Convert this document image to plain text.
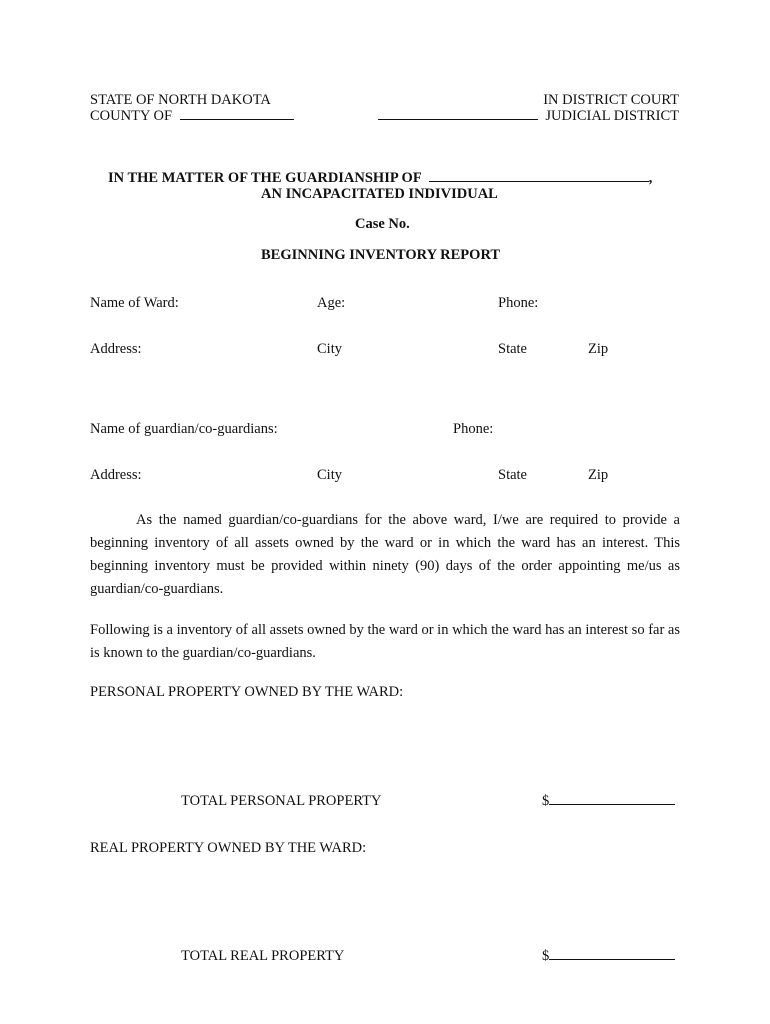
STATE OF NORTH DAKOTA
COUNTY OF
IN DISTRICT COURT
JUDICIAL DISTRICT
IN THE MATTER OF THE GUARDIANSHIP OF	,
AN INCAPACITATED INDIVIDUAL
Case No.
BEGINNING INVENTORY REPORT
Name of Ward:	Age:	Phone:
Address:	City	State	Zip
Name of guardian/co-guardians:	Phone:
Address:	City	State	Zip
As the named guardian/co-guardians for the above ward, I/we are required to provide a beginning inventory of all assets owned by the ward or in which the ward has an interest. This beginning inventory must be provided within ninety (90) days of the order appointing me/us as guardian/co-guardians.
Following is a inventory of all assets owned by the ward or in which the ward has an interest so far as is known to the guardian/co-guardians.
PERSONAL PROPERTY OWNED BY THE WARD:
TOTAL PERSONAL PROPERTY	$
REAL PROPERTY OWNED BY THE WARD:
TOTAL REAL PROPERTY	$
